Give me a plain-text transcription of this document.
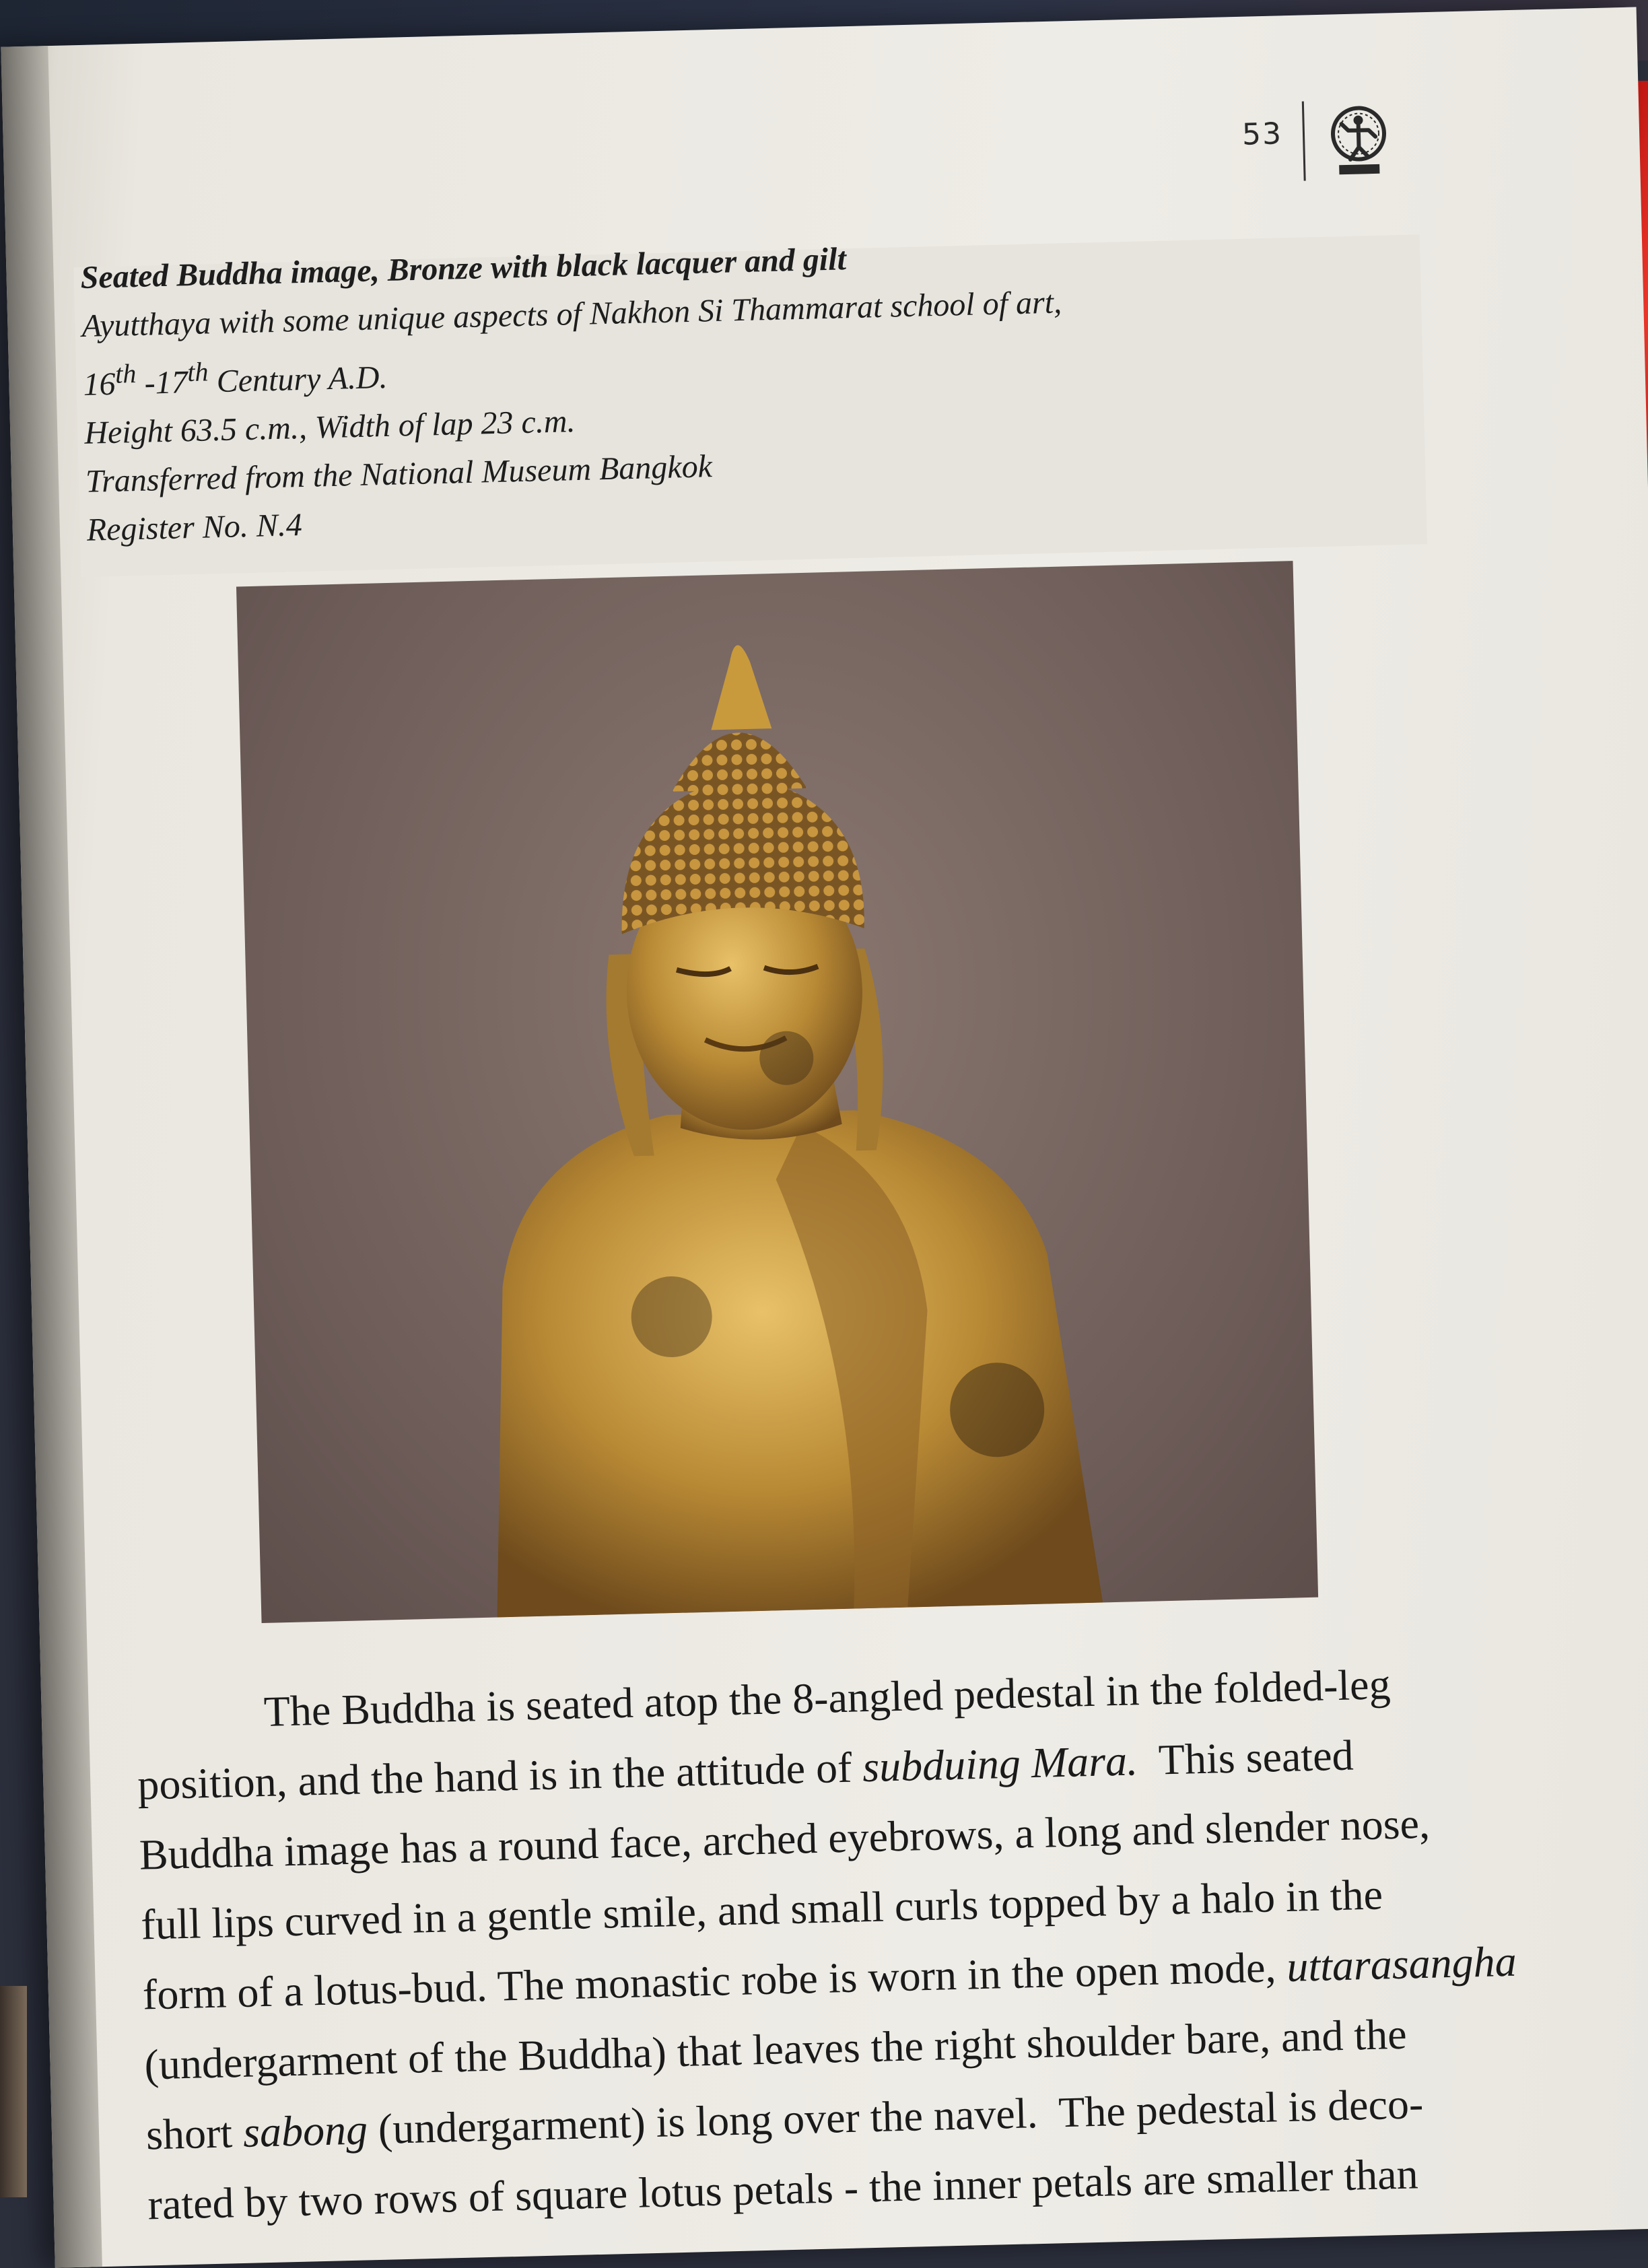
53
Seated Buddha image, Bronze with black lacquer and gilt
Ayutthaya with some unique aspects of Nakhon Si Thammarat school of art,
16th -17th Century A.D.
Height 63.5 c.m., Width of lap 23 c.m.
Transferred from the National Museum Bangkok
Register No. N.4
The Buddha is seated atop the 8-angled pedestal in the folded-leg
position, and the hand is in the attitude of subduing Mara.  This seated
Buddha image has a round face, arched eyebrows, a long and slender nose,
full lips curved in a gentle smile, and small curls topped by a halo in the
form of a lotus-bud. The monastic robe is worn in the open mode, uttarasangha
(undergarment of the Buddha) that leaves the right shoulder bare, and the
short sabong (undergarment) is long over the navel.  The pedestal is deco-
rated by two rows of square lotus petals - the inner petals are smaller than
